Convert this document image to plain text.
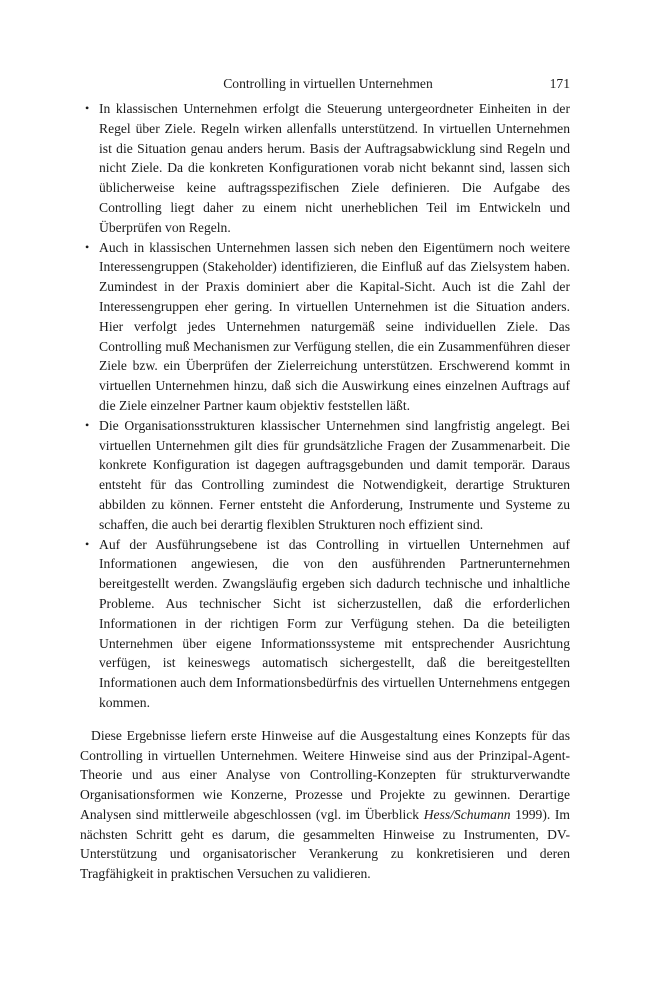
Controlling in virtuellen Unternehmen	171
• In klassischen Unternehmen erfolgt die Steuerung untergeordneter Einheiten in der Regel über Ziele. Regeln wirken allenfalls unterstützend. In virtuellen Unternehmen ist die Situation genau anders herum. Basis der Auftragsabwicklung sind Regeln und nicht Ziele. Da die konkreten Konfigurationen vorab nicht bekannt sind, lassen sich üblicherweise keine auftragsspezifischen Ziele definieren. Die Aufgabe des Controlling liegt daher zu einem nicht unerheblichen Teil im Entwickeln und Überprüfen von Regeln.
• Auch in klassischen Unternehmen lassen sich neben den Eigentümern noch weitere Interessengruppen (Stakeholder) identifizieren, die Einfluß auf das Zielsystem haben. Zumindest in der Praxis dominiert aber die Kapital-Sicht. Auch ist die Zahl der Interessengruppen eher gering. In virtuellen Unternehmen ist die Situation anders. Hier verfolgt jedes Unternehmen naturgemäß seine individuellen Ziele. Das Controlling muß Mechanismen zur Verfügung stellen, die ein Zusammenführen dieser Ziele bzw. ein Überprüfen der Zielerreichung unterstützen. Erschwerend kommt in virtuellen Unternehmen hinzu, daß sich die Auswirkung eines einzelnen Auftrags auf die Ziele einzelner Partner kaum objektiv feststellen läßt.
• Die Organisationsstrukturen klassischer Unternehmen sind langfristig angelegt. Bei virtuellen Unternehmen gilt dies für grundsätzliche Fragen der Zusammenarbeit. Die konkrete Konfiguration ist dagegen auftragsgebunden und damit temporär. Daraus entsteht für das Controlling zumindest die Notwendigkeit, derartige Strukturen abbilden zu können. Ferner entsteht die Anforderung, Instrumente und Systeme zu schaffen, die auch bei derartig flexiblen Strukturen noch effizient sind.
• Auf der Ausführungsebene ist das Controlling in virtuellen Unternehmen auf Informationen angewiesen, die von den ausführenden Partnerunternehmen bereitgestellt werden. Zwangsläufig ergeben sich dadurch technische und inhaltliche Probleme. Aus technischer Sicht ist sicherzustellen, daß die erforderlichen Informationen in der richtigen Form zur Verfügung stehen. Da die beteiligten Unternehmen über eigene Informationssysteme mit entsprechender Ausrichtung verfügen, ist keineswegs automatisch sichergestellt, daß die bereitgestellten Informationen auch dem Informationsbedürfnis des virtuellen Unternehmens entgegen kommen.

Diese Ergebnisse liefern erste Hinweise auf die Ausgestaltung eines Konzepts für das Controlling in virtuellen Unternehmen. Weitere Hinweise sind aus der Prinzipal-Agent-Theorie und aus einer Analyse von Controlling-Konzepten für strukturverwandte Organisationsformen wie Konzerne, Prozesse und Projekte zu gewinnen. Derartige Analysen sind mittlerweile abgeschlossen (vgl. im Überblick Hess/Schumann 1999). Im nächsten Schritt geht es darum, die gesammelten Hinweise zu Instrumenten, DV-Unterstützung und organisatorischer Verankerung zu konkretisieren und deren Tragfähigkeit in praktischen Versuchen zu validieren.
